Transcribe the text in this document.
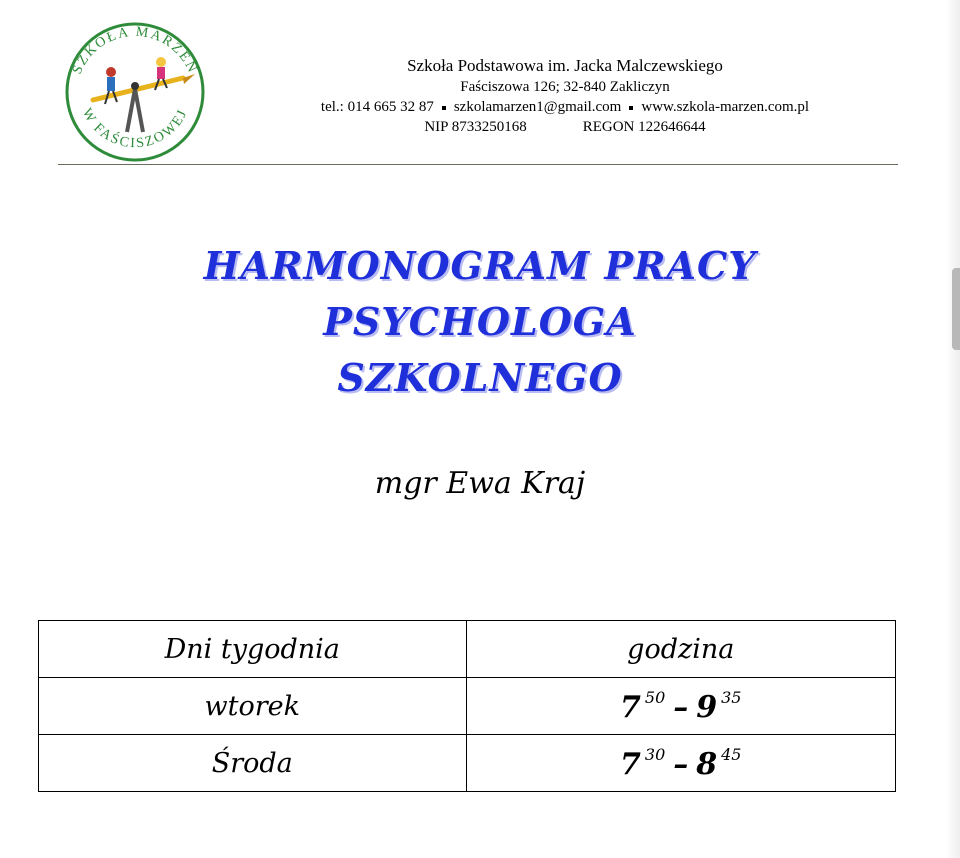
SZKOŁA MARZEŃ
W FAŚCISZOWEJ
Szkoła Podstawowa im. Jacka Malczewskiego
Faściszowa 126; 32-840 Zakliczyn
tel.: 014 665 32 87 szkolamarzen1@gmail.com www.szkola-marzen.com.pl
NIP 8733250168	REGON 122646644
HARMONOGRAM PRACY PSYCHOLOGA
SZKOLNEGO
mgr Ewa Kraj
Dni tygodnia	godzina
wtorek	7 $^{50}$ – 9 $^{35}$
Środa	7 $^{30}$ – 8 $^{45}$
